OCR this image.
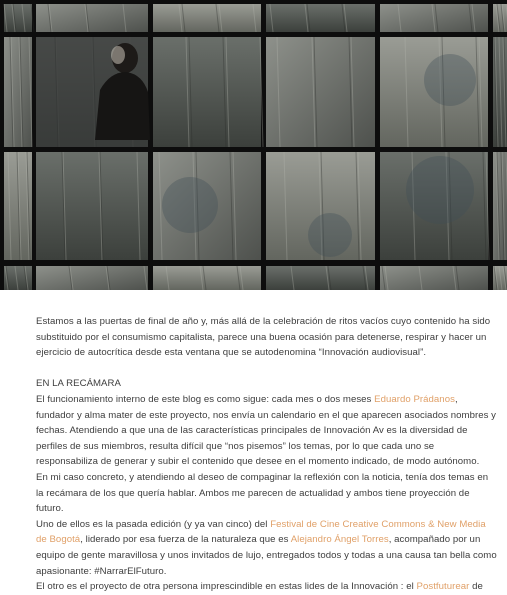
Estamos a las puertas de final de año y, más allá de la celebración de ritos vacíos cuyo contenido ha sido substituido por el consumismo capitalista, parece una buena ocasión para detenerse, respirar y hacer un ejercicio de autocrítica desde esta ventana que se autodenomina “Innovación audiovisual”.

EN LA RECÁMARA

El funcionamiento interno de este blog es como sigue: cada mes o dos meses Eduardo Prádanos, fundador y alma mater de este proyecto, nos envía un calendario en el que aparecen asociados nombres y fechas. Atendiendo a que una de las características principales de Innovación Av es la diversidad de perfiles de sus miembros, resulta difícil que “nos pisemos” los temas, por lo que cada uno se responsabiliza de generar y subir el contenido que desee en el momento indicado, de modo autónomo.

En mi caso concreto, y atendiendo al deseo de compaginar la reflexión con la noticia, tenía dos temas en la recámara de los que quería hablar. Ambos me parecen de actualidad y ambos tiene proyección de futuro.

Uno de ellos es la pasada edición (y ya van cinco) del Festival de Cine Creative Commons & New Media de Bogotá, liderado por esa fuerza de la naturaleza que es Alejandro Ángel Torres, acompañado por un equipo de gente maravillosa y unos invitados de lujo, entregados todos y todas a una causa tan bella como apasionante: #NarrarElFuturo.

El otro es el proyecto de otra persona imprescindible en estas lides de la Innovación : el Postfuturear de
